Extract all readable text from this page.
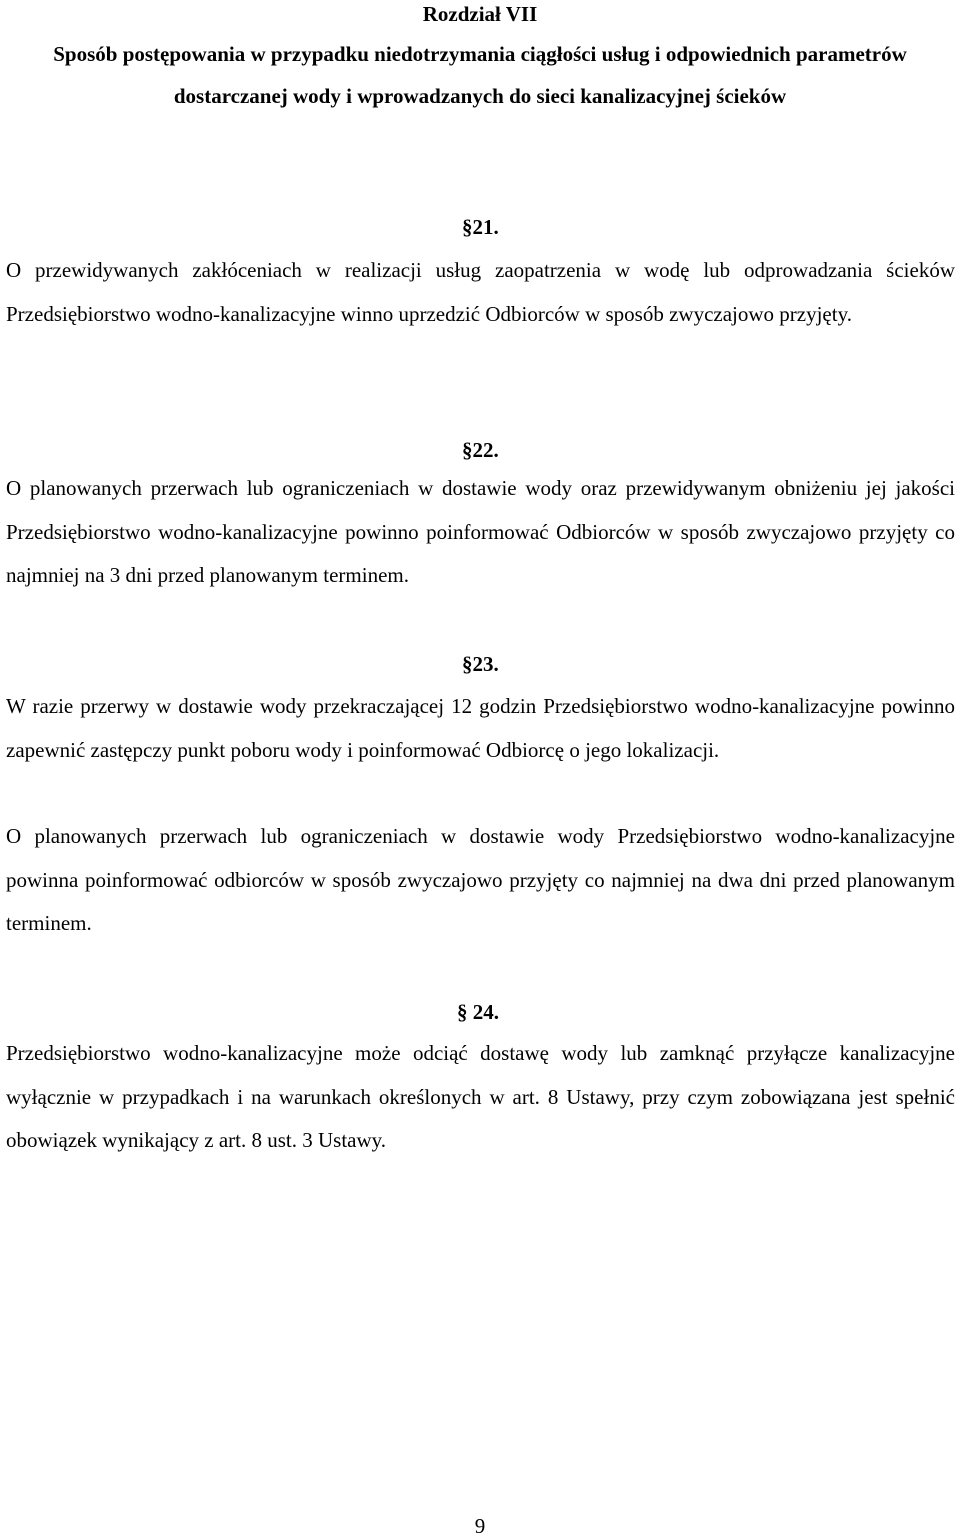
Rozdział VII
Sposób postępowania w przypadku niedotrzymania ciągłości usług i odpowiednich parametrów dostarczanej wody i wprowadzanych do sieci kanalizacyjnej ścieków
§21.
O przewidywanych zakłóceniach w realizacji usług zaopatrzenia w wodę lub odprowadzania ścieków Przedsiębiorstwo wodno-kanalizacyjne winno uprzedzić Odbiorców w sposób zwyczajowo przyjęty.
§22.
O planowanych przerwach lub ograniczeniach w dostawie wody oraz przewidywanym obniżeniu jej jakości Przedsiębiorstwo wodno-kanalizacyjne powinno poinformować Odbiorców w sposób zwyczajowo przyjęty co najmniej na 3 dni przed planowanym terminem.
§23.
W razie przerwy w dostawie wody przekraczającej 12 godzin Przedsiębiorstwo wodno-kanalizacyjne powinno zapewnić zastępczy punkt poboru wody i poinformować Odbiorcę o jego lokalizacji.
O planowanych przerwach lub ograniczeniach w dostawie wody Przedsiębiorstwo wodno-kanalizacyjne powinna poinformować odbiorców w sposób zwyczajowo przyjęty co najmniej na dwa dni przed planowanym terminem.
§ 24.
Przedsiębiorstwo wodno-kanalizacyjne może odciąć dostawę wody lub zamknąć przyłącze kanalizacyjne wyłącznie w przypadkach i na warunkach określonych w art. 8 Ustawy, przy czym zobowiązana jest spełnić obowiązek wynikający z art. 8 ust. 3 Ustawy.
9
